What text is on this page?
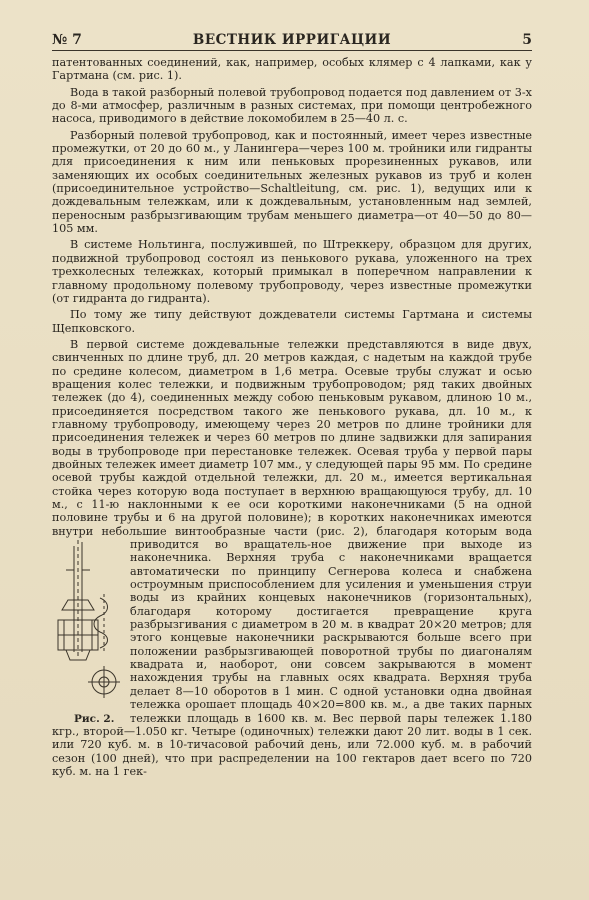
№ 7	ВЕСТНИК ИРРИГАЦИИ	5

патентованных соединений, как, например, особых клямер с 4 лапками, как у Гартмана (см. рис. 1).

Вода в такой разборный полевой трубопровод подается под давлением от 3-х до 8-ми атмосфер, различным в разных системах, при помощи центробежного насоса, приводимого в действие локомобилем в 25—40 л. с.

Разборный полевой трубопровод, как и постоянный, имеет через известные промежутки, от 20 до 60 м., у Ланингера—через 100 м. тройники или гидранты для присоединения к ним или пеньковых прорезиненных рукавов, или заменяющих их особых соединительных железных рукавов из труб и колен (присоединительное устройство—Schaltleitung, см. рис. 1), ведущих или к дождевальным тележкам, или к дождевальным, установленным над землей, переносным разбрызгивающим трубам меньшего диаметра—от 40—50 до 80—105 мм.

В системе Нольтинга, послужившей, по Штреккеру, образцом для других, подвижной трубопровод состоял из пенькового рукава, уложенного на трех трехколесных тележках, который примыкал в поперечном направлении к главному продольному полевому трубопроводу, через известные промежутки (от гидранта до гидранта).

По тому же типу действуют дождеватели системы Гартмана и системы Щепковского.

В первой системе дождевальные тележки представляются в виде двух, свинченных по длине труб, дл. 20 метров каждая, с надетым на каждой трубе по средине колесом, диаметром в 1,6 метра. Осевые трубы служат и осью вращения колес тележки, и подвижным трубопроводом; ряд таких двойных тележек (до 4), соединенных между собою пеньковым рукавом, длиною 10 м., присоединяется посредством такого же пенькового рукава, дл. 10 м., к главному трубопроводу, имеющему через 20 метров по длине тройники для присоединения тележек и через 60 метров по длине задвижки для запирания воды в трубопроводе при перестановке тележек. Осевая труба у первой пары двойных тележек имеет диаметр 107 мм., у следующей пары 95 мм. По средине осевой трубы каждой отдельной тележки, дл. 20 м., имеется вертикальная стойка через которую вода поступает в верхнюю вращающуюся трубу, дл. 10 м., с 11-ю наклонными к ее оси короткими наконечниками (5 на одной половине трубы и 6 на другой половине); в коротких наконечниках имеются внутри небольшие винтообразные части (рис. 2), благодаря которым вода приводится во вращатель-
Рис. 2.
ное движение при выходе из наконечника. Верхняя труба с наконечниками вращается автоматически по принципу Сегнерова колеса и снабжена остроумным приспособлением для усиления и уменьшения струи воды из крайних концевых наконечников (горизонтальных), благодаря которому достигается превращение круга разбрызгивания с диаметром в 20 м. в квадрат 20×20 метров; для этого концевые наконечники раскрываются больше всего при положении разбрызгивающей поворотной трубы по диагоналям квадрата и, наоборот, они совсем закрываются в момент нахождения трубы на главных осях квадрата. Верхняя труба делает 8—10 оборотов в 1 мин. С одной установки одна двойная тележка орошает площадь 40×20=800 кв. м., а две таких парных тележки площадь в 1600 кв. м. Вес первой пары тележек 1.180 кгр., второй—1.050 кг. Четыре (одиночных) тележки дают 20 лит. воды в 1 сек. или 720 куб. м. в 10-тичасовой рабочий день, или 72.000 куб. м. в рабочий сезон (100 дней), что при распределении на 100 гектаров дает всего по 720 куб. м. на 1 гек-
